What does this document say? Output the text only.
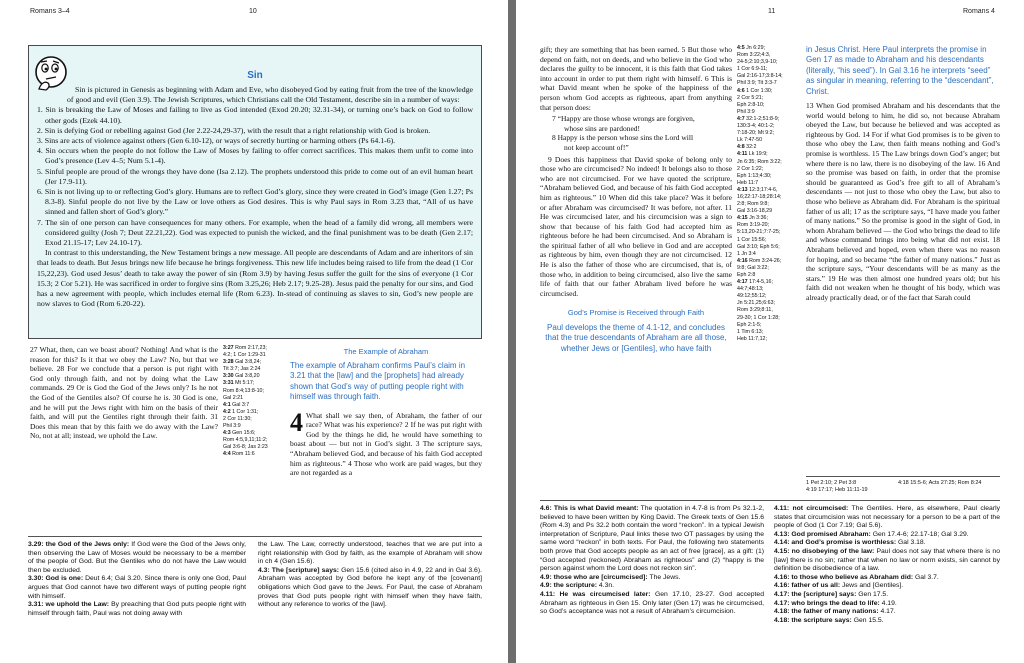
Romans 3–4	10
Sin

Sin is pictured in Genesis as beginning with Adam and Eve, who disobeyed God by eating fruit from the tree of the knowledge of good and evil (Gen 3.9). The Jewish Scriptures, which Christians call the Old Testament, describe sin in a number of ways:

1. Sin is breaking the Law of Moses and failing to live as God intended (Exod 20.20; 32.31-34), or turning one’s back on God to follow other gods (Ezek 44.10).
2. Sin is defying God or rebelling against God (Jer 2.22-24,29-37), with the result that a right relationship with God is broken.
3. Sins are acts of violence against others (Gen 6.10-12), or ways of secretly hurting or harming others (Ps 64.1-6).
4. Sin occurs when the people do not follow the Law of Moses by failing to offer correct sacrifices. This makes them unfit to come into God’s presence (Lev 4–5; Num 5.1-4).
5. Sinful people are proud of the wrongs they have done (Isa 2.12). The prophets understood this pride to come out of an evil human heart (Jer 17.9-11).
6. Sin is not living up to or reflecting God’s glory. Humans are to reflect God’s glory, since they were created in God’s image (Gen 1.27; Ps 8.3-8). Sinful people do not live by the Law or love others as God desires. This is why Paul says in Rom 3.23 that, “All of us have sinned and fallen short of God’s glory.”
7. The sin of one person can have consequences for many others. For example, when the head of a family did wrong, all members were considered guilty (Josh 7; Deut 22.21,22). God was expected to punish the wicked, and the final punishment was to be death (Gen 2.17; Exod 21.15-17; Lev 24.10-17).

In contrast to this understanding, the New Testament brings a new message. All people are descendants of Adam and are inheritors of sin that leads to death. But Jesus brings new life because he brings forgiveness. This new life includes being raised to life from the dead (1 Cor 15,22,23). God used Jesus’ death to take away the power of sin (Rom 3.9) by having Jesus suffer the guilt for the sins of everyone (1 Cor 15.3; 2 Cor 5.21). He was sacrificed in order to forgive sins (Rom 3.25,26; Heb 2.17; 9.25-28). Jesus paid the penalty for our sins, and God has a new agreement with people, which includes eternal life (Rom 6.23). In-stead of continuing as slaves to sin, God’s new people are now slaves to God (Rom 6.20-22).

27 What, then, can we boast about? Nothing! And what is the reason for this? Is it that we obey the Law? No, but that we believe. 28 For we conclude that a person is put right with God only through faith, and not by doing what the Law commands. 29 Or is God the God of the Jews only? Is he not the God of the Gentiles also? Of course he is. 30 God is one, and he will put the Jews right with him on the basis of their faith, and will put the Gentiles right through their faith. 31 Does this mean that by this faith we do away with the Law? No, not at all; instead, we uphold the Law.
3:27 Rom 2:17,23;
4:2; 1 Cor 1:29-31
3:28 Gal 3:8,24;
Tit 3:7; Jas 2:24
3:30 Gal 3:8,20
3:31 Mt 5:17;
Rom 8:4;13:8-10;
Gal 2:21
4:1 Gal 3:7
4:2 1 Cor 1:31;
2 Cor 11:30;
Phil 3:9
4:3 Gen 15:6;
Rom 4:5,9,11;11:2;
Gal 3:6-8; Jas 2:23
4:4 Rom 11:6
The Example of Abraham
The example of Abraham confirms Paul’s claim in 3.21 that the [law] and the [prophets] had already shown that God’s way of putting people right with himself was through faith.
4 What shall we say then, of Abraham, the father of our race? What was his experience? 2 If he was put right with God by the things he did, he would have something to boast about — but not in God’s sight. 3 The scripture says, “Abraham believed God, and because of his faith God accepted him as righteous.” 4 Those who work are paid wages, but they are not regarded as a
3.29: the God of the Jews only: If God were the God of the Jews only, then observing the Law of Moses would be necessary to be a member of the people of God. But the Gentiles who do not have the Law would then be excluded.
3.30: God is one: Deut 6.4; Gal 3.20. Since there is only one God, Paul argues that God cannot have two different ways of putting people right with himself.
3.31: we uphold the Law: By preaching that God puts people right with himself through faith, Paul was not doing away with
the Law. The Law, correctly understood, teaches that we are put into a right relationship with God by faith, as the example of Abraham will show in ch 4 (Gen 15.6).
4.3: The [scripture] says: Gen 15.6 (cited also in 4.9, 22 and in Gal 3.6). Abraham was accepted by God before he kept any of the [covenant] obligations which God gave to the Jews. For Paul, the case of Abraham proves that God puts people right with himself when they have faith, without any reference to works of the [law].
11	Romans 4

gift; they are something that has been earned. 5 But those who depend on faith, not on deeds, and who believe in the God who declares the guilty to be innocent, it is this faith that God takes into account in order to put them right with himself. 6 This is what David meant when he spoke of the happiness of the person whom God accepts as righteous, apart from anything that person does:

7 “Happy are those whose wrongs are forgiven,
whose sins are pardoned!
8 Happy is the person whose sins the Lord will
not keep account of!”

9 Does this happiness that David spoke of belong only to those who are circumcised? No indeed! It belongs also to those who are not circumcised. For we have quoted the scripture, “Abraham believed God, and because of his faith God accepted him as righteous.” 10 When did this take place? Was it before or after Abraham was circumcised? It was before, not after. 11 He was circumcised later, and his circumcision was a sign to show that because of his faith God had accepted him as righteous before he had been circumcised. And so Abraham is the spiritual father of all who believe in God and are accepted as righteous by him, even though they are not circumcised. 12 He is also the father of those who are circumcised, that is, of those who, in addition to being circumcised, also live the same life of faith that our father Abraham lived before he was circumcised.

God’s Promise is Received through Faith
Paul develops the theme of 4.1-12, and concludes that the true descendants of Abraham are all those, whether Jews or [Gentiles], who have faith
4:5 Jn 6:29;
Rom 3:22;4:3,
24-5;2:10;3,9-10;
1 Cor 6:9-11;
Gal 2:16-17;3:8-14;
Phil 3:9; Tit 3:3-7
4:6 1 Cor 1:30;
2 Cor 5:21;
Eph 2:8-10;
Phil 3:9
4:7 32:1-2;51:8-9;
130:3-4; 40:1-2;
7:18-20; Mt 9:2;
Lk 7:47-50
4:8 32:2
4:11 Lk 19:9;
Jn 6:35; Rom 3:22;
2 Cor 1:22;
Eph 1:13;4:30;
Heb 11:7
4:13 12:3;17:4-6,
16;22:17-18;28:14;
2:8; Rom 9:8;
Gal 3:16-18,29
4:15 Jn 3:36;
Rom 3:19-20;
5:13,20-21;7:7-25;
1 Cor 15:56;
Gal 3:10; Eph 5:6;
1 Jn 3:4
4:16 Rom 3:24-26;
9:8; Gal 3:22;
Eph 2:8
4:17 17:4-5,16;
44:7;48:13;
49:12;55:12;
Jn 5:21,25;6:63;
Rom 3:29;8:11,
29-30; 1 Cor 1:28;
Eph 2:1-5;
1 Tim 6:13;
Heb 11:7,12;
in Jesus Christ. Here Paul interprets the promise in Gen 17 as made to Abraham and his descendants (literally, “his seed”). In Gal 3.16 he interprets “seed” as singular in meaning, referring to the “descendant”, Christ.
13 When God promised Abraham and his descendants that the world would belong to him, he did so, not because Abraham obeyed the Law, but because he believed and was accepted as righteous by God. 14 For if what God promises is to be given to those who obey the Law, then faith means nothing and God’s promise is worthless. 15 The Law brings down God’s anger; but where there is no law, there is no disobeying of the law. 16 And so the promise was based on faith, in order that the promise should be guaranteed as God’s free gift to all of Abraham’s descendants — not just to those who obey the Law, but also to those who believe as Abraham did. For Abraham is the spiritual father of us all; 17 as the scripture says, “I have made you father of many nations.” So the promise is good in the sight of God, in whom Abraham believed — the God who brings the dead to life and whose command brings into being what did not exist. 18 Abraham believed and hoped, even when there was no reason for hoping, and so became “the father of many nations.” Just as the scripture says, “Your descendants will be as many as the stars.” 19 He was then almost one hundred years old; but his faith did not weaken when he thought of his body, which was already practically dead, or of the fact that Sarah could
1 Pet 2:10; 2 Pet 3:8	4:18 15:5-6; Acts 27:25; Rom 8:24

4:19 17:17; Heb 11:11-19
4.6: This is what David meant: The quotation in 4.7-8 is from Ps 32.1-2, believed to have been written by King David. The Greek texts of Gen 15.6 (Rom 4.3) and Ps 32.2 both contain the word “reckon”. In a typical Jewish interpretation of Scripture, Paul links these two OT passages by using the same word “reckon” in both texts. For Paul, the following two statements both prove that God accepts people as an act of free [grace], as a gift: (1) “God accepted (reckoned) Abraham as righteous” and (2) “happy is the person against whom the Lord does not reckon sin”.
4.9: those who are [circumcised]: The Jews.
4.9: the scripture: 4.3n.
4.11: He was circumcised later: Gen 17.10, 23-27. God accepted Abraham as righteous in Gen 15. Only later (Gen 17) was he circumcised, so God’s acceptance was not a result of Abraham’s circumcision.
4.11: not circumcised: The Gentiles. Here, as elsewhere, Paul clearly states that circumcision was not necessary for a person to be a part of the people of God (1 Cor 7.19; Gal 5.6).
4.13: God promised Abraham: Gen 17.4-6; 22.17-18; Gal 3.29.
4.14: and God’s promise is worthless: Gal 3.18.
4.15: no disobeying of the law: Paul does not say that where there is no [law] there is no sin; rather that when no law or norm exists, sin cannot by definition be disobedience of a law.
4.16: to those who believe as Abraham did: Gal 3.7.
4.16: father of us all: Jews and [Gentiles].
4.17: the [scripture] says: Gen 17.5.
4.17: who brings the dead to life: 4.19.
4.18: the father of many nations: 4.17.
4.18: the scripture says: Gen 15.5.
